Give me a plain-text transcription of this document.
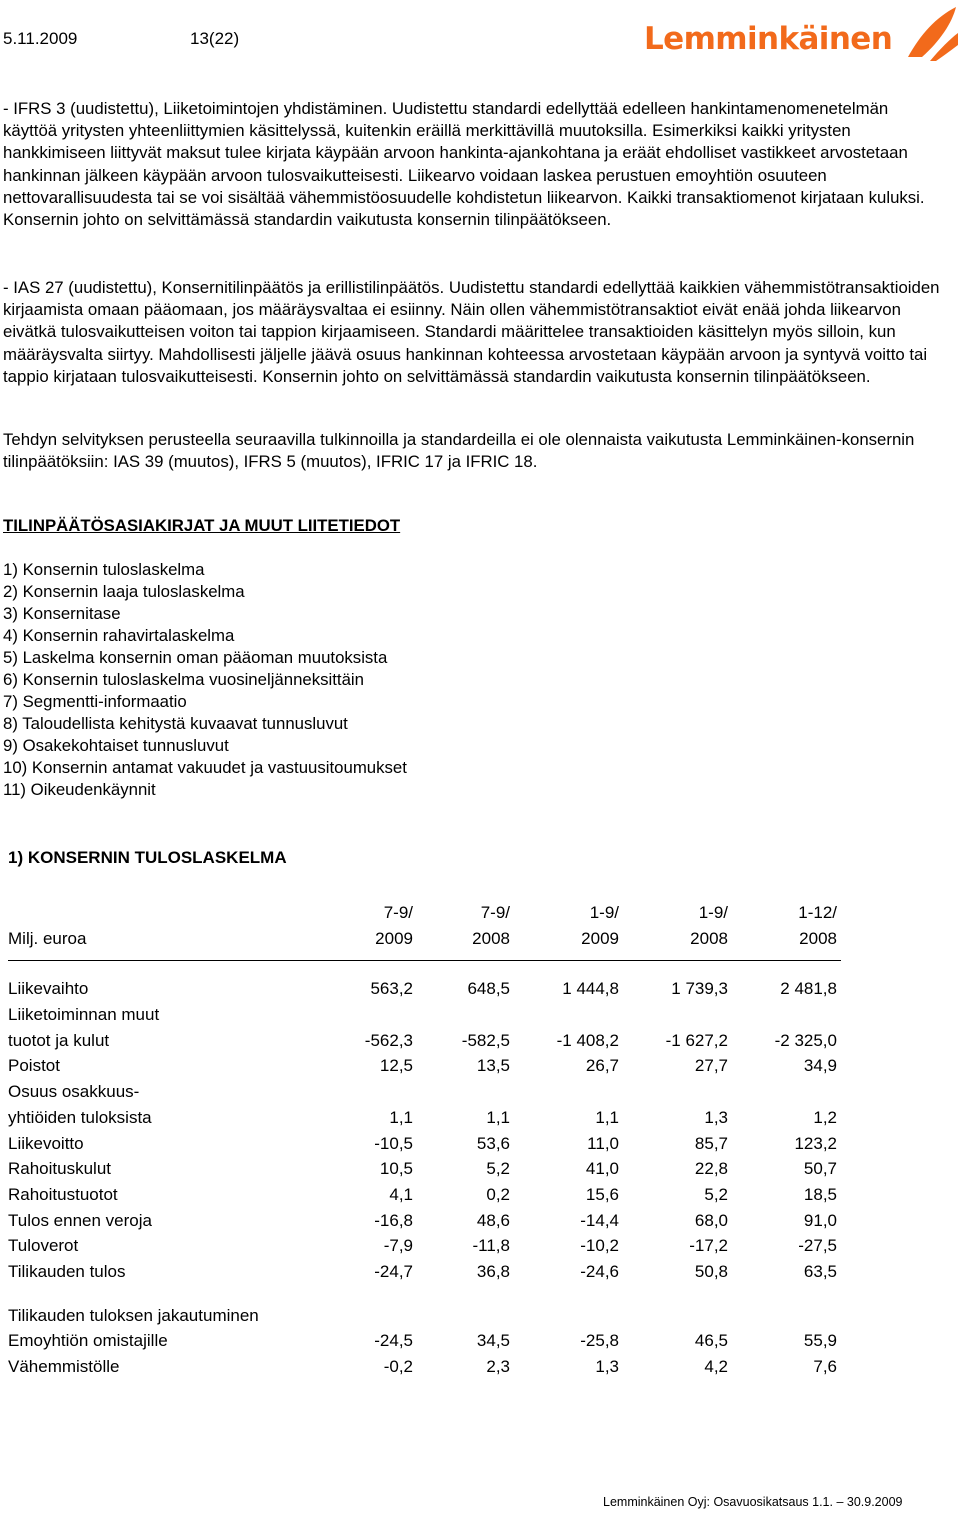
5.11.2009	13(22)	Lemminkäinen

- IFRS 3 (uudistettu), Liiketoimintojen yhdistäminen. Uudistettu standardi edellyttää edelleen hankintamenomenetelmän käyttöä yritysten yhteenliittymien käsittelyssä, kuitenkin eräillä merkittävillä muutoksilla. Esimerkiksi kaikki yritysten hankkimiseen liittyvät maksut tulee kirjata käypään arvoon hankinta-ajankohtana ja eräät ehdolliset vastikkeet arvostetaan hankinnan jälkeen käypään arvoon tulosvaikutteisesti. Liikearvo voidaan laskea perustuen emoyhtiön osuuteen nettovarallisuudesta tai se voi sisältää vähemmistöosuudelle kohdistetun liikearvon. Kaikki transaktiomenot kirjataan kuluksi. Konsernin johto on selvittämässä standardin vaikutusta konsernin tilinpäätökseen.

- IAS 27 (uudistettu), Konsernitilinpäätös ja erillistilinpäätös. Uudistettu standardi edellyttää kaikkien vähemmistötransaktioiden kirjaamista omaan pääomaan, jos määräysvaltaa ei esiinny. Näin ollen vähemmistötransaktiot eivät enää johda liikearvon eivätkä tulosvaikutteisen voiton tai tappion kirjaamiseen. Standardi määrittelee transaktioiden käsittelyn myös silloin, kun määräysvalta siirtyy. Mahdollisesti jäljelle jäävä osuus hankinnan kohteessa arvostetaan käypään arvoon ja syntyvä voitto tai tappio kirjataan tulosvaikutteisesti. Konsernin johto on selvittämässä standardin vaikutusta konsernin tilinpäätökseen.

Tehdyn selvityksen perusteella seuraavilla tulkinnoilla ja standardeilla ei ole olennaista vaikutusta Lemminkäinen-konsernin tilinpäätöksiin: IAS 39 (muutos), IFRS 5 (muutos), IFRIC 17 ja IFRIC 18.

TILINPÄÄTÖSASIAKIRJAT JA MUUT LIITETIEDOT
1) Konsernin tuloslaskelma
2) Konsernin laaja tuloslaskelma
3) Konsernitase
4) Konsernin rahavirtalaskelma
5) Laskelma konsernin oman pääoman muutoksista
6) Konsernin tuloslaskelma vuosineljänneksittäin
7) Segmentti-informaatio
8) Taloudellista kehitystä kuvaavat tunnusluvut
9) Osakekohtaiset tunnusluvut
10) Konsernin antamat vakuudet ja vastuusitoumukset
11) Oikeudenkäynnit
1) KONSERNIN TULOSLASKELMA
7-9/	7-9/	1-9/	1-9/	1-12/
Milj. euroa	2009	2008	2009	2008	2008
Liikevaihto	563,2	648,5	1 444,8	1 739,3	2 481,8
Liiketoiminnan muut
tuotot ja kulut	-562,3	-582,5	-1 408,2	-1 627,2	-2 325,0
Poistot	12,5	13,5	26,7	27,7	34,9
Osuus osakkuus-
yhtiöiden tuloksista	1,1	1,1	1,1	1,3	1,2
Liikevoitto	-10,5	53,6	11,0	85,7	123,2
Rahoituskulut	10,5	5,2	41,0	22,8	50,7
Rahoitustuotot	4,1	0,2	15,6	5,2	18,5
Tulos ennen veroja	-16,8	48,6	-14,4	68,0	91,0
Tuloverot	-7,9	-11,8	-10,2	-17,2	-27,5
Tilikauden tulos	-24,7	36,8	-24,6	50,8	63,5
Tilikauden tuloksen jakautuminen
Emoyhtiön omistajille	-24,5	34,5	-25,8	46,5	55,9
Vähemmistölle	-0,2	2,3	1,3	4,2	7,6
Lemminkäinen Oyj: Osavuosikatsaus 1.1. – 30.9.2009
